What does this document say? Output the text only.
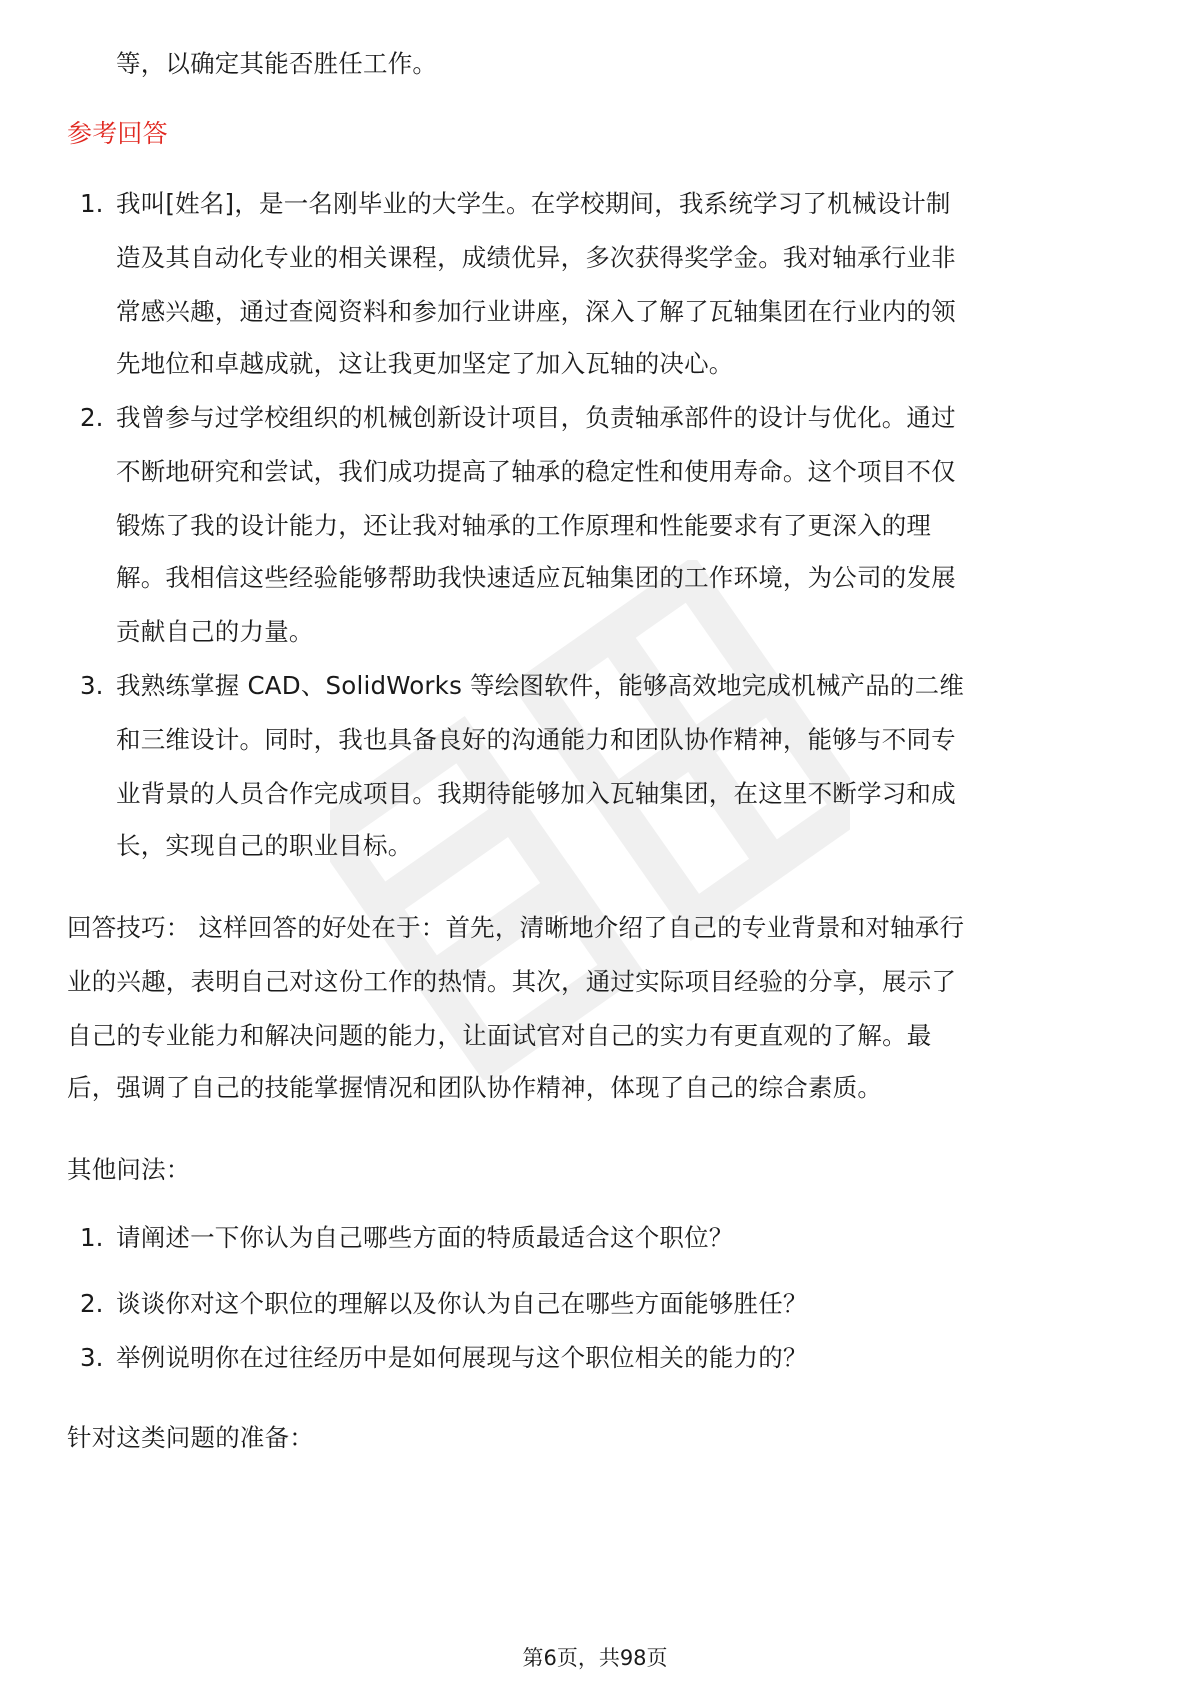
等，以确定其能否胜任工作。
参考回答
1. 我叫[姓名]，是一名刚毕业的大学生。在学校期间，我系统学习了机械设计制
造及其自动化专业的相关课程，成绩优异，多次获得奖学金。我对轴承行业非
常感兴趣，通过查阅资料和参加行业讲座，深入了解了瓦轴集团在行业内的领
先地位和卓越成就，这让我更加坚定了加入瓦轴的决心。
2. 我曾参与过学校组织的机械创新设计项目，负责轴承部件的设计与优化。通过
不断地研究和尝试，我们成功提高了轴承的稳定性和使用寿命。这个项目不仅
锻炼了我的设计能力，还让我对轴承的工作原理和性能要求有了更深入的理
解。我相信这些经验能够帮助我快速适应瓦轴集团的工作环境，为公司的发展
贡献自己的力量。
3. 我熟练掌握 CAD、SolidWorks 等绘图软件，能够高效地完成机械产品的二维
和三维设计。同时，我也具备良好的沟通能力和团队协作精神，能够与不同专
业背景的人员合作完成项目。我期待能够加入瓦轴集团，在这里不断学习和成
长，实现自己的职业目标。
回答技巧： 这样回答的好处在于：首先，清晰地介绍了自己的专业背景和对轴承行
业的兴趣，表明自己对这份工作的热情。其次，通过实际项目经验的分享，展示了
自己的专业能力和解决问题的能力，让面试官对自己的实力有更直观的了解。最
后，强调了自己的技能掌握情况和团队协作精神，体现了自己的综合素质。
其他问法：
1. 请阐述一下你认为自己哪些方面的特质最适合这个职位？
2. 谈谈你对这个职位的理解以及你认为自己在哪些方面能够胜任？
3. 举例说明你在过往经历中是如何展现与这个职位相关的能力的？
针对这类问题的准备：
第6页，共98页
